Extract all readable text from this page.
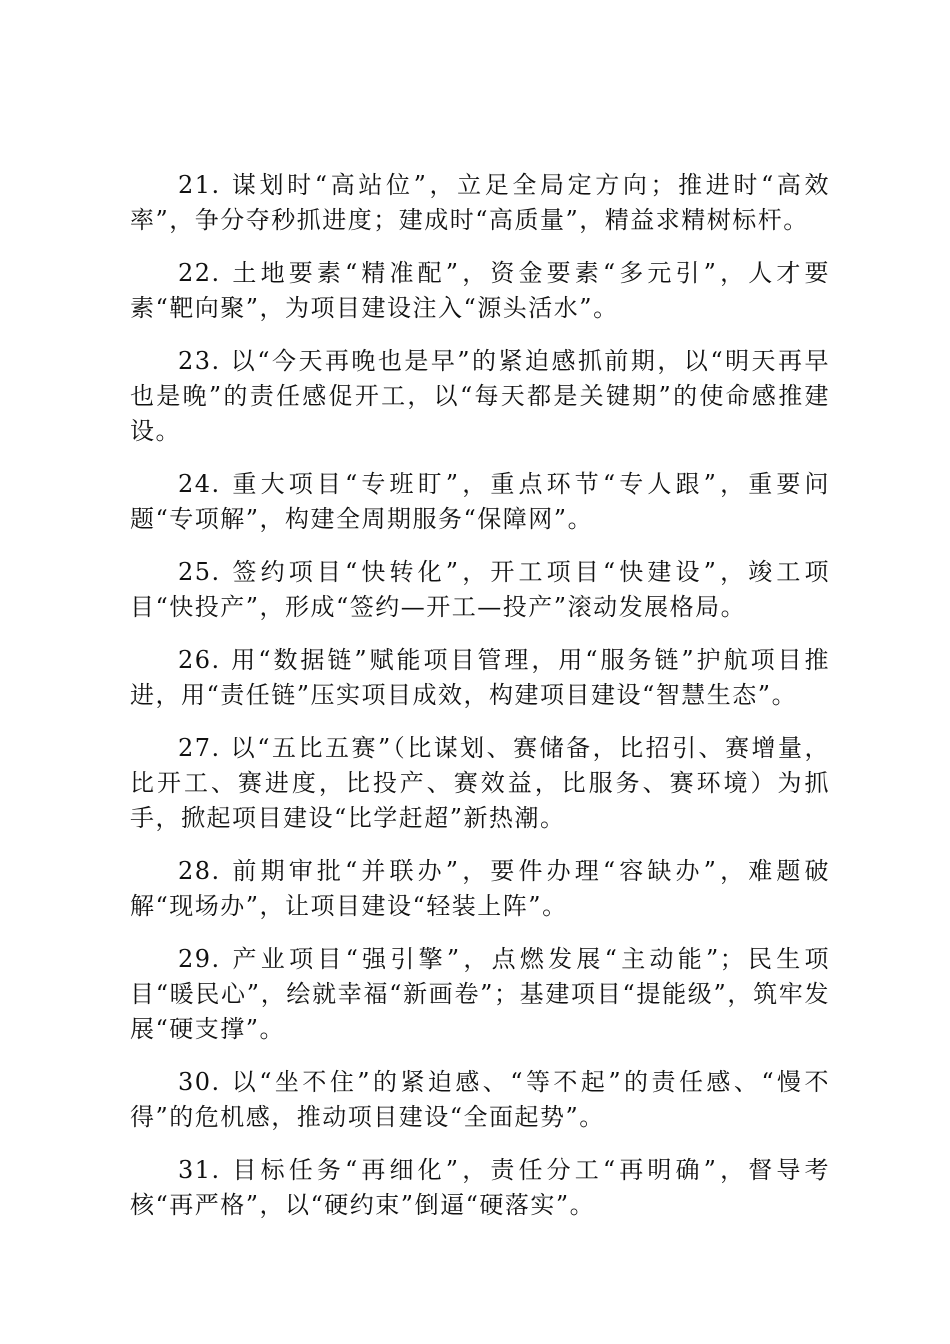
21. 谋划时“高站位”，立足全局定方向；推进时“高效率”，争分夺秒抓进度；建成时“高质量”，精益求精树标杆。

22. 土地要素“精准配”，资金要素“多元引”，人才要素“靶向聚”，为项目建设注入“源头活水”。

23. 以“今天再晚也是早”的紧迫感抓前期，以“明天再早也是晚”的责任感促开工，以“每天都是关键期”的使命感推建设。

24. 重大项目“专班盯”，重点环节“专人跟”，重要问题“专项解”，构建全周期服务“保障网”。

25. 签约项目“快转化”，开工项目“快建设”，竣工项目“快投产”，形成“签约—开工—投产”滚动发展格局。

26. 用“数据链”赋能项目管理，用“服务链”护航项目推进，用“责任链”压实项目成效，构建项目建设“智慧生态”。

27. 以“五比五赛”（比谋划、赛储备，比招引、赛增量，比开工、赛进度，比投产、赛效益，比服务、赛环境）为抓手，掀起项目建设“比学赶超”新热潮。

28. 前期审批“并联办”，要件办理“容缺办”，难题破解“现场办”，让项目建设“轻装上阵”。

29. 产业项目“强引擎”，点燃发展“主动能”；民生项目“暖民心”，绘就幸福“新画卷”；基建项目“提能级”，筑牢发展“硬支撑”。

30. 以“坐不住”的紧迫感、“等不起”的责任感、“慢不得”的危机感，推动项目建设“全面起势”。

31. 目标任务“再细化”，责任分工“再明确”，督导考核“再严格”，以“硬约束”倒逼“硬落实”。
